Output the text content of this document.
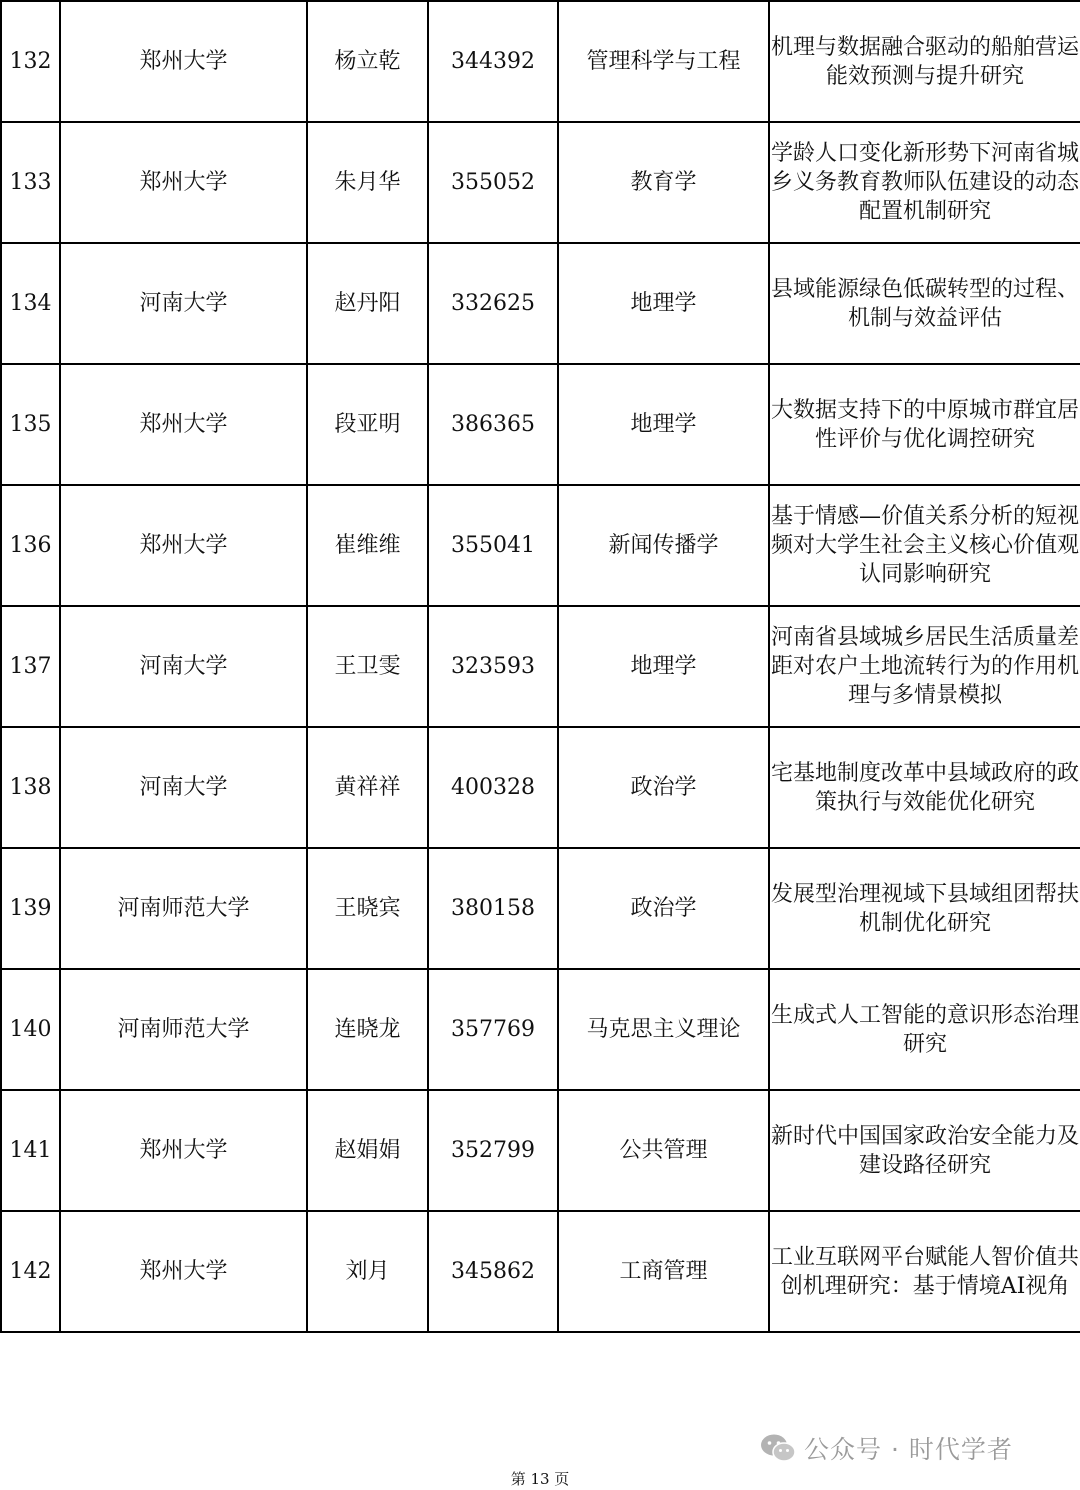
132	郑州大学	杨立乾	344392	管理科学与工程	机理与数据融合驱动的船舶营运能效预测与提升研究
133	郑州大学	朱月华	355052	教育学	学龄人口变化新形势下河南省城乡义务教育教师队伍建设的动态配置机制研究
134	河南大学	赵丹阳	332625	地理学	县域能源绿色低碳转型的过程、机制与效益评估
135	郑州大学	段亚明	386365	地理学	大数据支持下的中原城市群宜居性评价与优化调控研究
136	郑州大学	崔维维	355041	新闻传播学	基于情感—价值关系分析的短视频对大学生社会主义核心价值观认同影响研究
137	河南大学	王卫雯	323593	地理学	河南省县域城乡居民生活质量差距对农户土地流转行为的作用机理与多情景模拟
138	河南大学	黄祥祥	400328	政治学	宅基地制度改革中县域政府的政策执行与效能优化研究
139	河南师范大学	王晓宾	380158	政治学	发展型治理视域下县域组团帮扶机制优化研究
140	河南师范大学	连晓龙	357769	马克思主义理论	生成式人工智能的意识形态治理研究
141	郑州大学	赵娟娟	352799	公共管理	新时代中国国家政治安全能力及建设路径研究
142	郑州大学	刘月	345862	工商管理	工业互联网平台赋能人智价值共创机理研究：基于情境AI视角
公众号 · 时代学者
第 13 页
